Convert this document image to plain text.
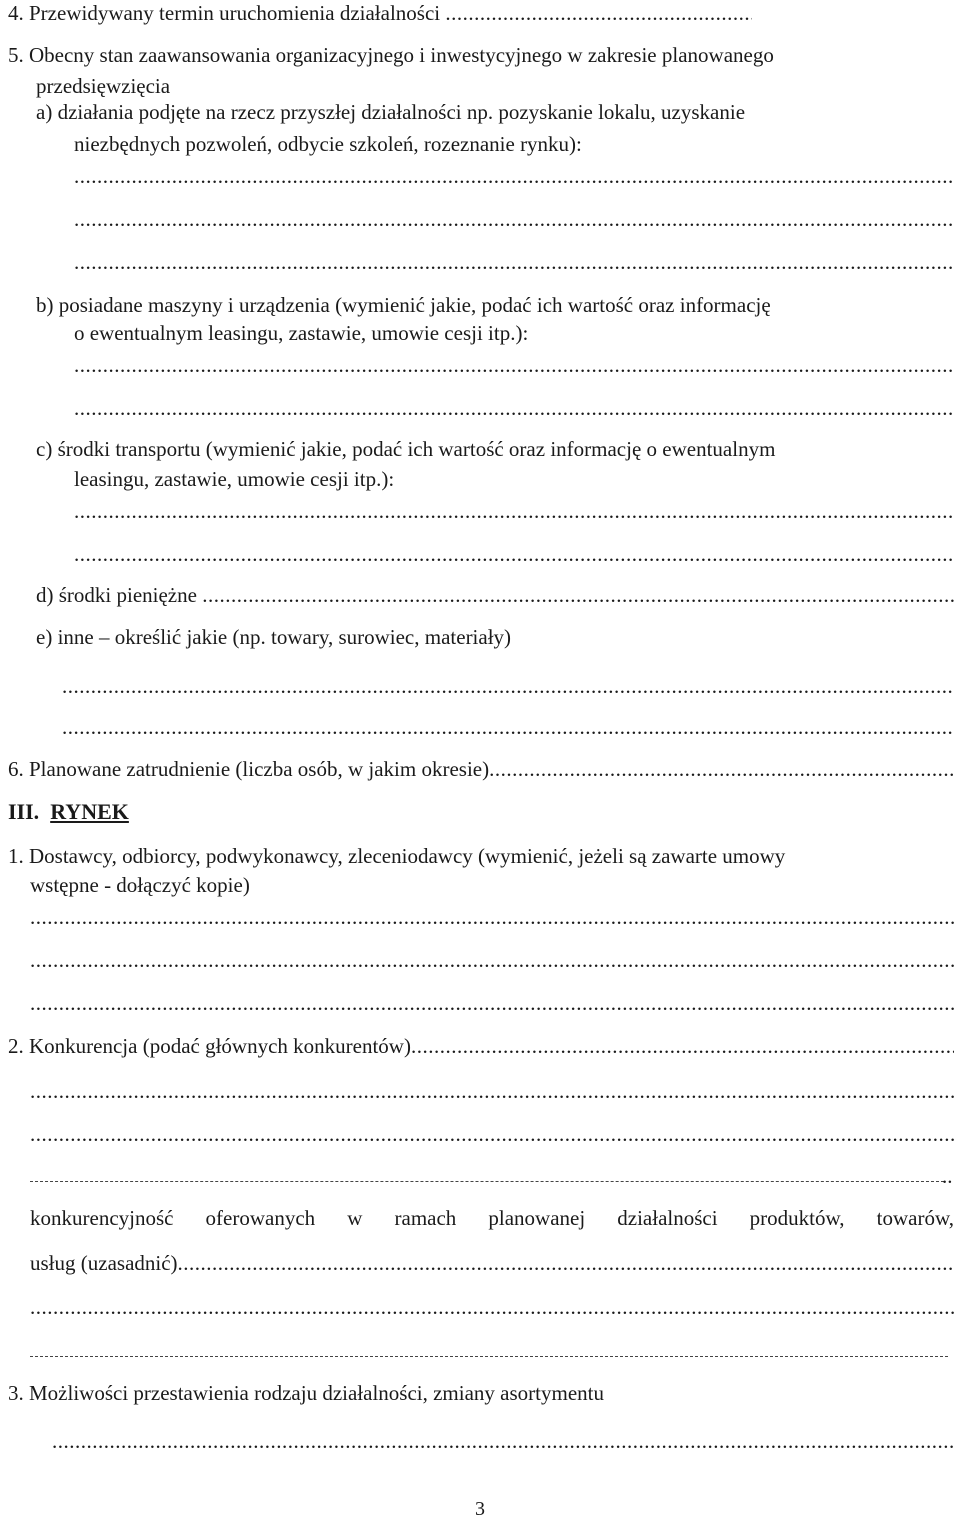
4. Przewidywany termin uruchomienia działalności

.....
5. Obecny stan zaawansowania organizacyjnego i inwestycyjnego w zakresie planowanego
przedsięwzięcia
a) działania podjęte na rzecz przyszłej działalności np. pozyskanie lokalu, uzyskanie
niezbędnych pozwoleń, odbycie szkoleń, rozeznanie rynku):
.....
.....
.....
b) posiadane maszyny i urządzenia (wymienić jakie, podać ich wartość oraz informację
o ewentualnym leasingu, zastawie, umowie cesji itp.):
.....
.....
c) środki transportu (wymienić jakie, podać ich wartość oraz informację o ewentualnym
leasingu, zastawie, umowie cesji itp.):
.....
.....
d) środki pieniężne

.....
e) inne – określić jakie (np. towary, surowiec, materiały)
.....
.....
6. Planowane zatrudnienie (liczba osób, w jakim okresie)
.....
III. RYNEK
1. Dostawcy, odbiorcy, podwykonawcy, zleceniodawcy (wymienić, jeżeli są zawarte umowy
wstępne - dołączyć kopie)
.....
.....
.....
2. Konkurencja (podać głównych konkurentów)
.....
.....
.....
..
konkurencyjność oferowanych w ramach planowanej działalności produktów, towarów,
usług (uzasadnić)
.....
.....
3. Możliwości przestawienia rodzaju działalności, zmiany asortymentu
.....
3
